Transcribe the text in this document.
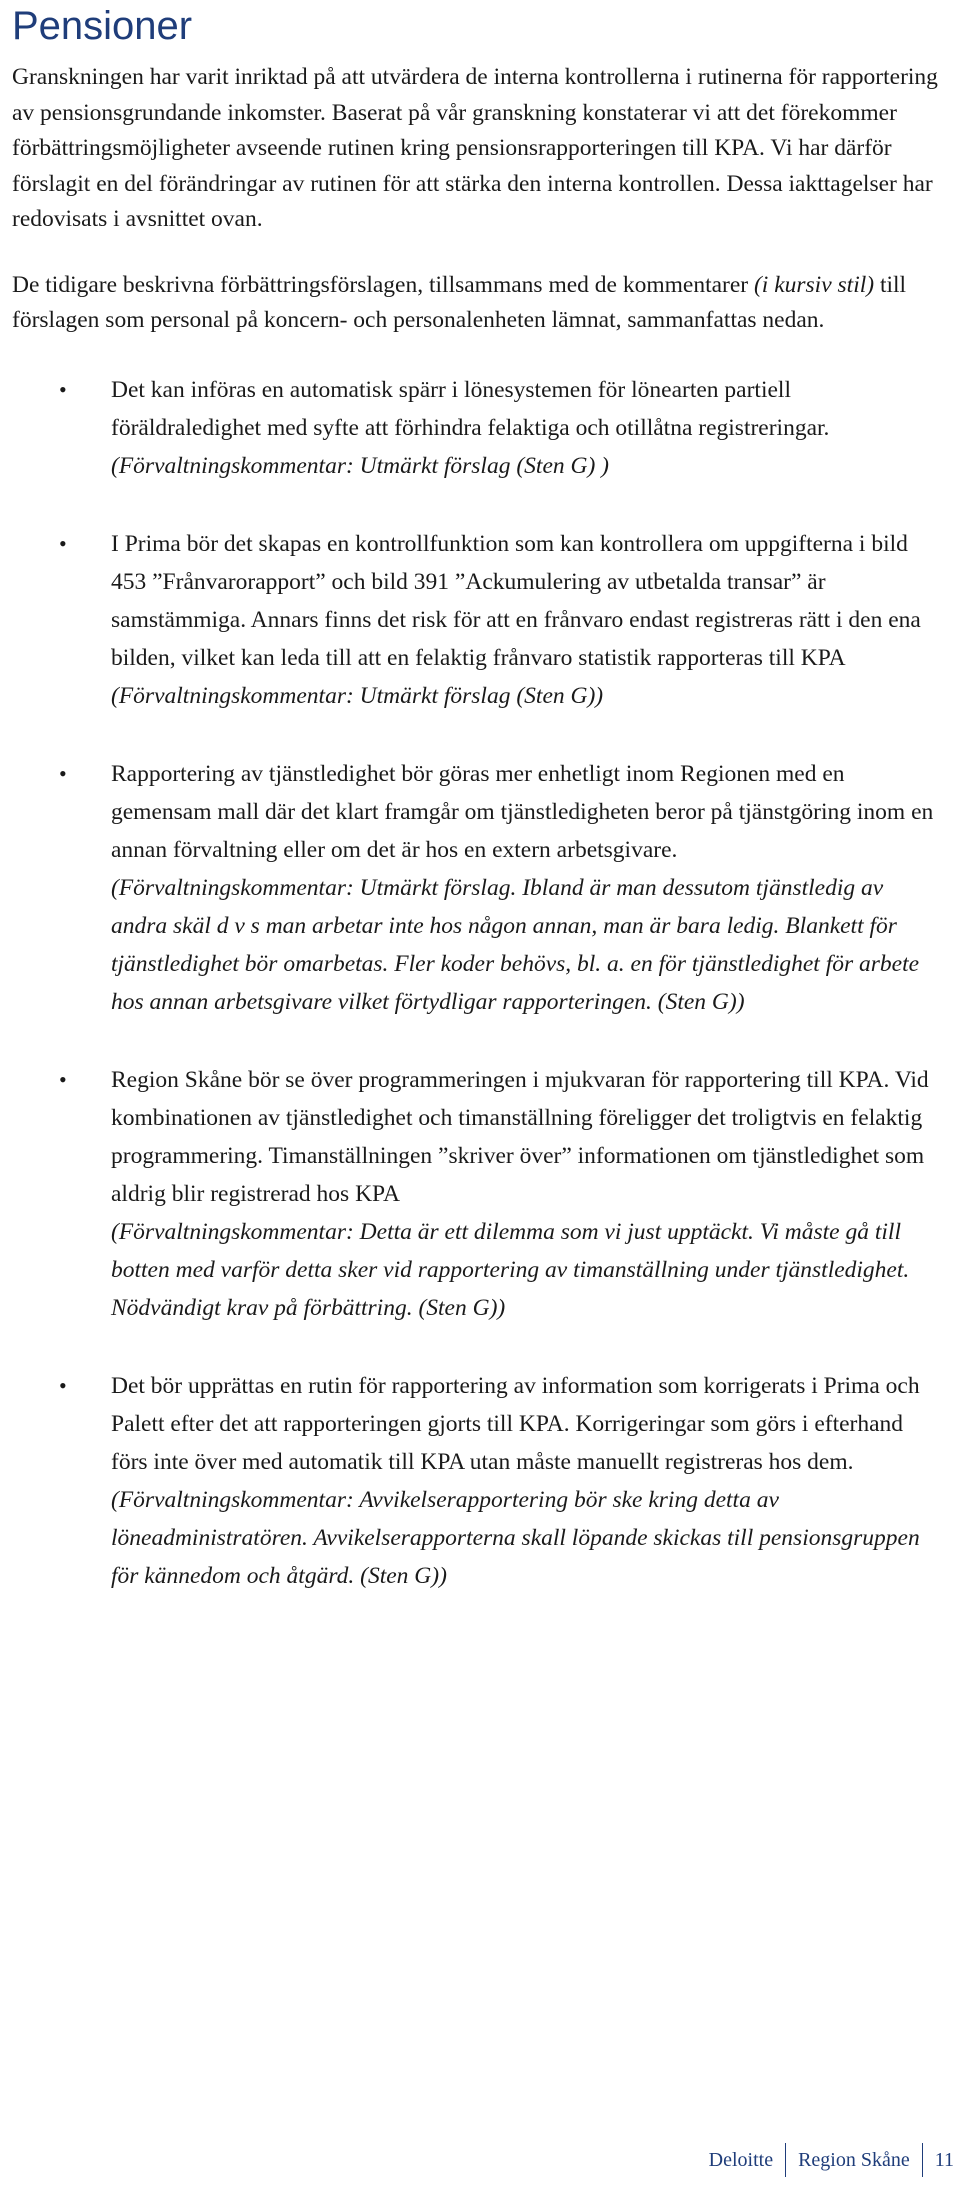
Pensioner

Granskningen har varit inriktad på att utvärdera de interna kontrollerna i rutinerna för rapportering av pensionsgrundande inkomster. Baserat på vår granskning konstaterar vi att det förekommer förbättringsmöjligheter avseende rutinen kring pensionsrapporteringen till KPA. Vi har därför förslagit en del förändringar av rutinen för att stärka den interna kontrollen. Dessa iakttagelser har redovisats i avsnittet ovan.

De tidigare beskrivna förbättringsförslagen, tillsammans med de kommentarer (i kursiv stil) till förslagen som personal på koncern- och personalenheten lämnat, sammanfattas nedan.

• Det kan införas en automatisk spärr i lönesystemen för lönearten partiell föräldraledighet med syfte att förhindra felaktiga och otillåtna registreringar.
(Förvaltningskommentar: Utmärkt förslag (Sten G) )
• I Prima bör det skapas en kontrollfunktion som kan kontrollera om uppgifterna i bild 453 ”Frånvarorapport” och bild 391 ”Ackumulering av utbetalda transar” är samstämmiga. Annars finns det risk för att en frånvaro endast registreras rätt i den ena bilden, vilket kan leda till att en felaktig frånvaro statistik rapporteras till KPA
(Förvaltningskommentar: Utmärkt förslag (Sten G))
• Rapportering av tjänstledighet bör göras mer enhetligt inom Regionen med en gemensam mall där det klart framgår om tjänstledigheten beror på tjänstgöring inom en annan förvaltning eller om det är hos en extern arbetsgivare.
(Förvaltningskommentar: Utmärkt förslag. Ibland är man dessutom tjänstledig av andra skäl d v s man arbetar inte hos någon annan, man är bara ledig. Blankett för tjänstledighet bör omarbetas. Fler koder behövs, bl. a. en för tjänstledighet för arbete hos annan arbetsgivare vilket förtydligar rapporteringen. (Sten G))
• Region Skåne bör se över programmeringen i mjukvaran för rapportering till KPA. Vid kombinationen av tjänstledighet och timanställning föreligger det troligtvis en felaktig programmering. Timanställningen ”skriver över” informationen om tjänstledighet som aldrig blir registrerad hos KPA
(Förvaltningskommentar: Detta är ett dilemma som vi just upptäckt. Vi måste gå till botten med varför detta sker vid rapportering av timanställning under tjänstledighet. Nödvändigt krav på förbättring. (Sten G))
• Det bör upprättas en rutin för rapportering av information som korrigerats i Prima och Palett efter det att rapporteringen gjorts till KPA. Korrigeringar som görs i efterhand förs inte över med automatik till KPA utan måste manuellt registreras hos dem.
(Förvaltningskommentar: Avvikelserapportering bör ske kring detta av löneadministratören. Avvikelserapporterna skall löpande skickas till pensionsgruppen för kännedom och åtgärd. (Sten G))
Deloitte Region Skåne 11
